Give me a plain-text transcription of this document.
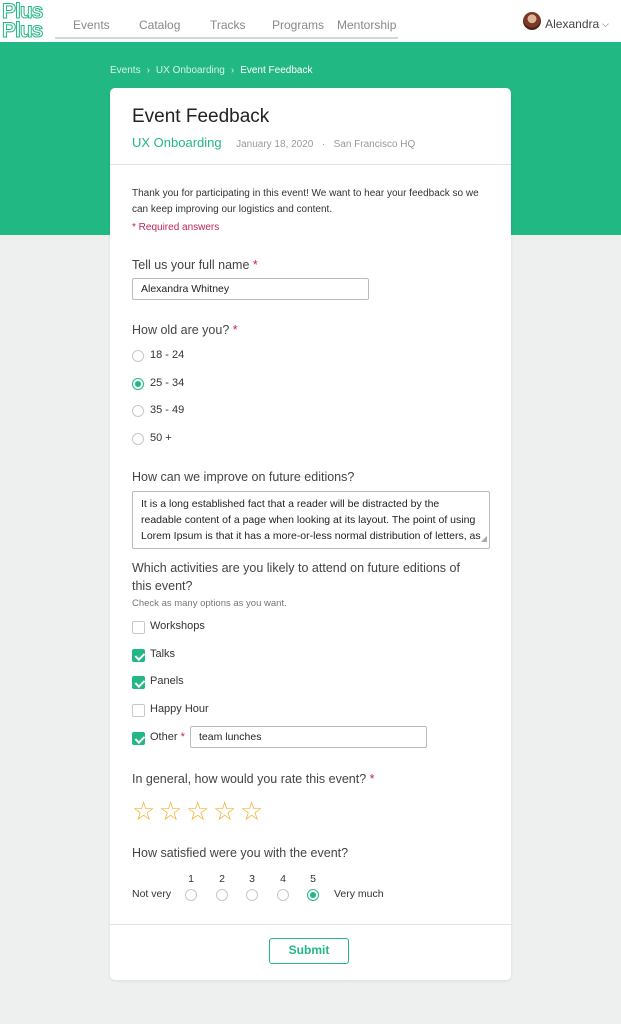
Plus
Plus	Events Catalog Tracks Programs Mentorship	Alexandra ⌵
Events › UX Onboarding › Event Feedback
Event Feedback
UX Onboarding January 18, 2020 · San Francisco HQ
Thank you for participating in this event! We want to hear your feedback so we can keep improving our logistics and content.
* Required answers
Tell us your full name *
Alexandra Whitney
How old are you? *
18 - 24
25 - 34
35 - 49
50 +
How can we improve on future editions?
It is a long established fact that a reader will be distracted by the readable content of a page when looking at its layout. The point of using Lorem Ipsum is that it has a more-or-less normal distribution of letters, as ◢
Which activities are you likely to attend on future editions of this event?
Check as many options as you want.
Workshops
Talks
Panels
Happy Hour
Other *	team lunches
In general, how would you rate this event? *
☆ ☆ ☆ ☆ ☆
How satisfied were you with the event?
1 2 3 4 5
Not very	Very much
Submit
